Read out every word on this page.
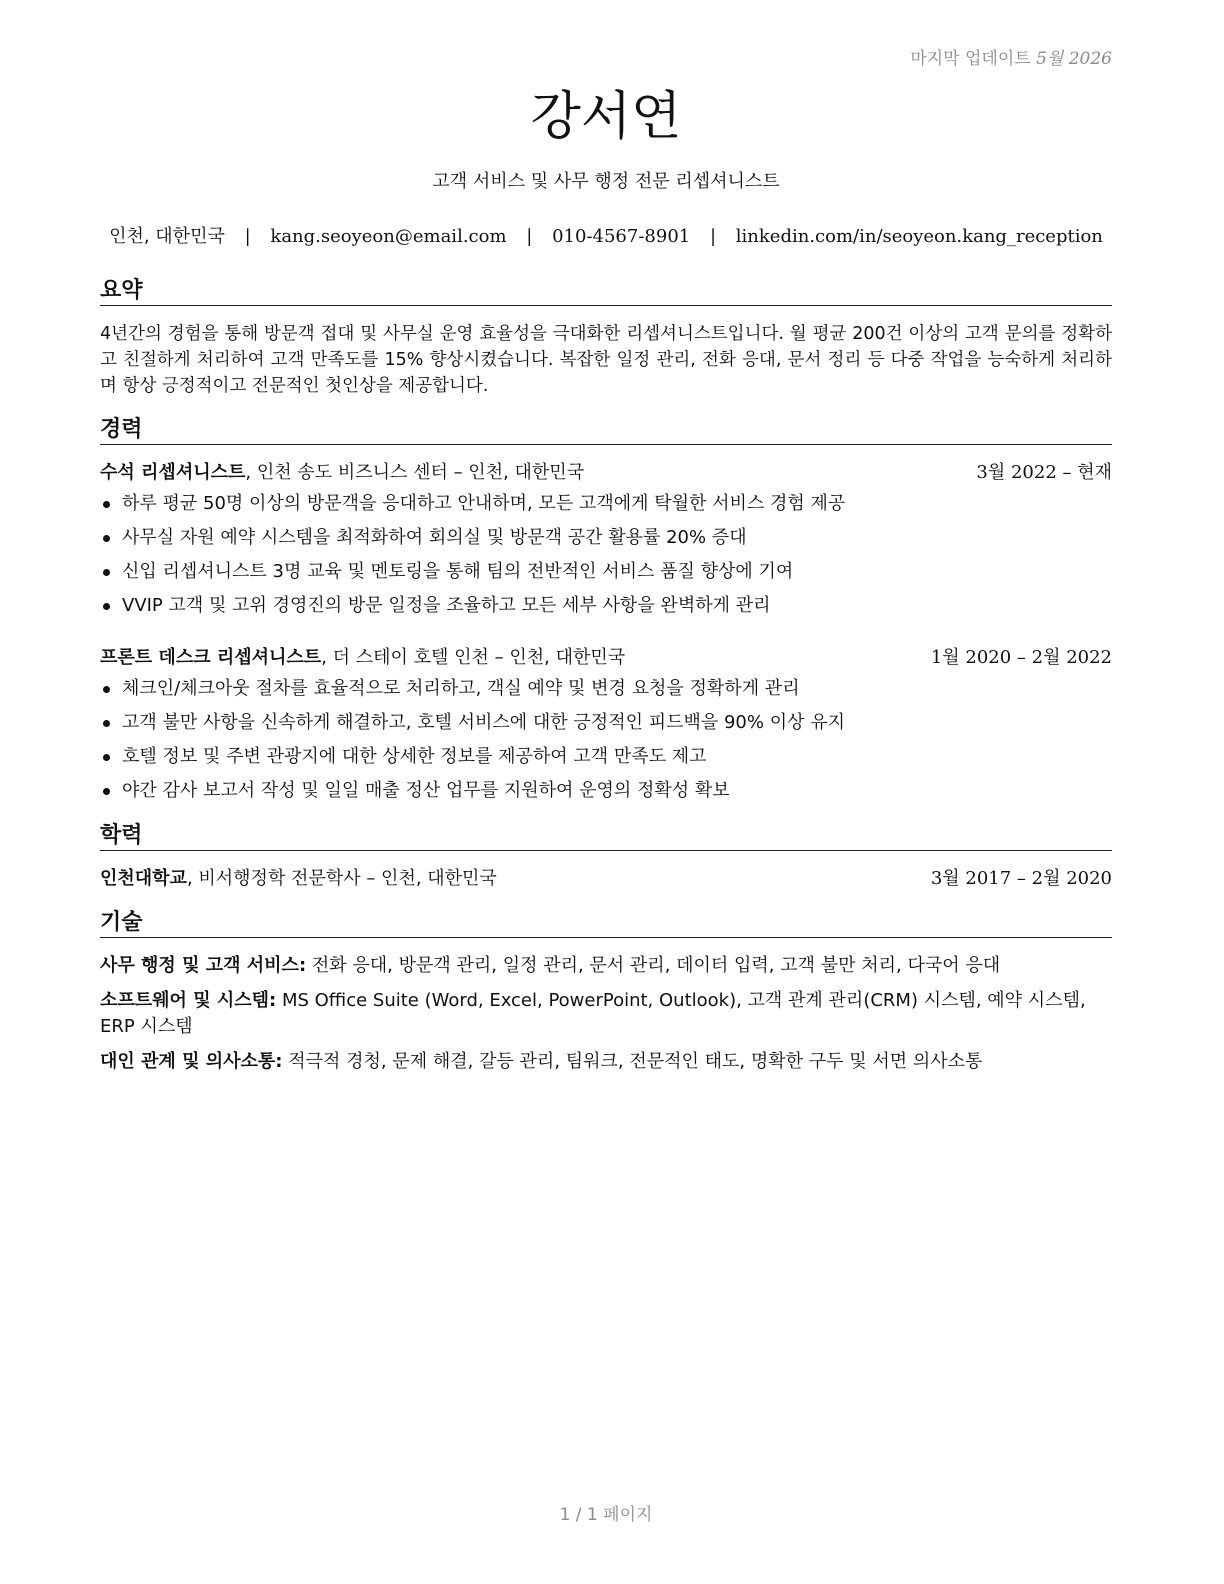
마지막 업데이트 5월 2026
강서연
고객 서비스 및 사무 행정 전문 리셉셔니스트
인천, 대한민국 | kang.seoyeon@email.com | 010-4567-8901 | linkedin.com/in/seoyeon.kang_reception
요약
4년간의 경험을 통해 방문객 접대 및 사무실 운영 효율성을 극대화한 리셉셔니스트입니다. 월 평균 200건 이상의 고객 문의를 정확하고 친절하게 처리하여 고객 만족도를 15% 향상시켰습니다. 복잡한 일정 관리, 전화 응대, 문서 정리 등 다중 작업을 능숙하게 처리하며 항상 긍정적이고 전문적인 첫인상을 제공합니다.
경력
수석 리셉셔니스트, 인천 송도 비즈니스 센터 – 인천, 대한민국	3월 2022 – 현재
하루 평균 50명 이상의 방문객을 응대하고 안내하며, 모든 고객에게 탁월한 서비스 경험 제공
사무실 자원 예약 시스템을 최적화하여 회의실 및 방문객 공간 활용률 20% 증대
신입 리셉셔니스트 3명 교육 및 멘토링을 통해 팀의 전반적인 서비스 품질 향상에 기여
VVIP 고객 및 고위 경영진의 방문 일정을 조율하고 모든 세부 사항을 완벽하게 관리
프론트 데스크 리셉셔니스트, 더 스테이 호텔 인천 – 인천, 대한민국	1월 2020 – 2월 2022
체크인/체크아웃 절차를 효율적으로 처리하고, 객실 예약 및 변경 요청을 정확하게 관리
고객 불만 사항을 신속하게 해결하고, 호텔 서비스에 대한 긍정적인 피드백을 90% 이상 유지
호텔 정보 및 주변 관광지에 대한 상세한 정보를 제공하여 고객 만족도 제고
야간 감사 보고서 작성 및 일일 매출 정산 업무를 지원하여 운영의 정확성 확보
학력
인천대학교, 비서행정학 전문학사 – 인천, 대한민국	3월 2017 – 2월 2020
기술
사무 행정 및 고객 서비스: 전화 응대, 방문객 관리, 일정 관리, 문서 관리, 데이터 입력, 고객 불만 처리, 다국어 응대
소프트웨어 및 시스템: MS Office Suite (Word, Excel, PowerPoint, Outlook), 고객 관계 관리(CRM) 시스템, 예약 시스템, ERP 시스템
대인 관계 및 의사소통: 적극적 경청, 문제 해결, 갈등 관리, 팀워크, 전문적인 태도, 명확한 구두 및 서면 의사소통
1 / 1 페이지
